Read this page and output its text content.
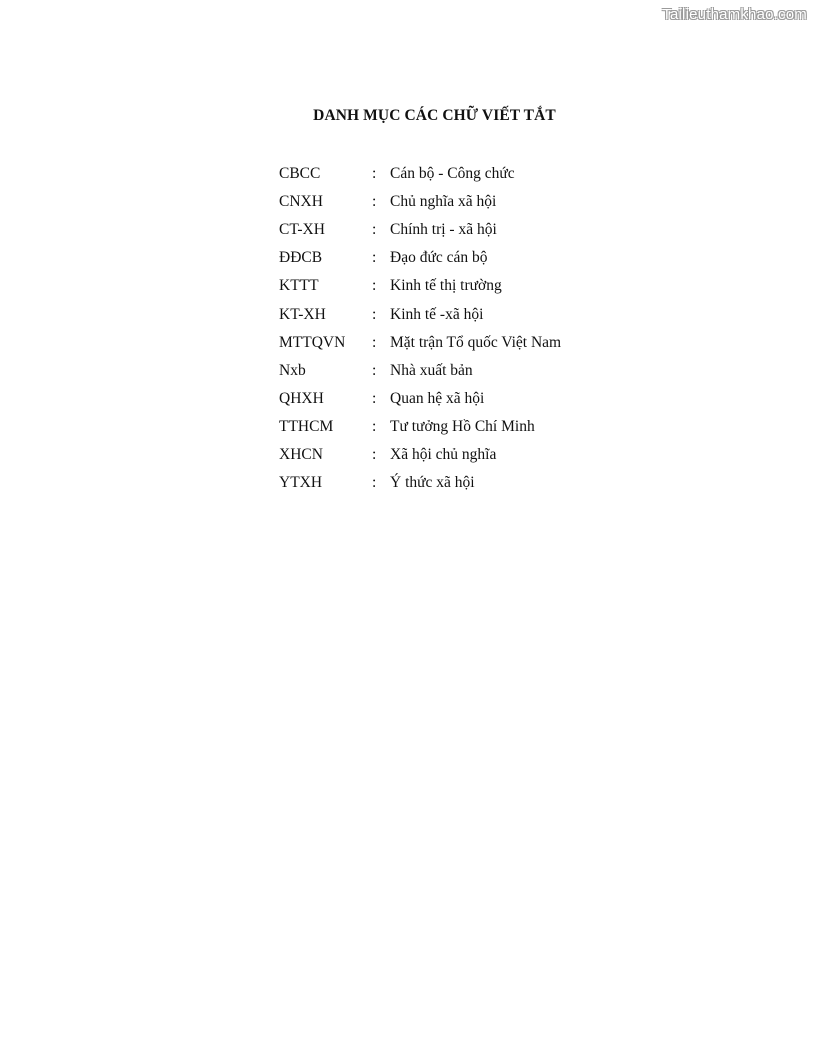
Tailieuthamkhao.com
DANH MỤC CÁC CHỮ VIẾT TẮT
CBCC	: Cán bộ - Công chức
CNXH	: Chủ nghĩa xã hội
CT-XH	: Chính trị - xã hội
ĐĐCB	: Đạo đức cán bộ
KTTT	: Kinh tế thị trường
KT-XH	: Kinh tế -xã hội
MTTQVN	: Mặt trận Tổ quốc Việt Nam
Nxb	: Nhà xuất bản
QHXH	: Quan hệ xã hội
TTHCM	: Tư tưởng Hồ Chí Minh
XHCN	: Xã hội chủ nghĩa
YTXH	: Ý thức xã hội
